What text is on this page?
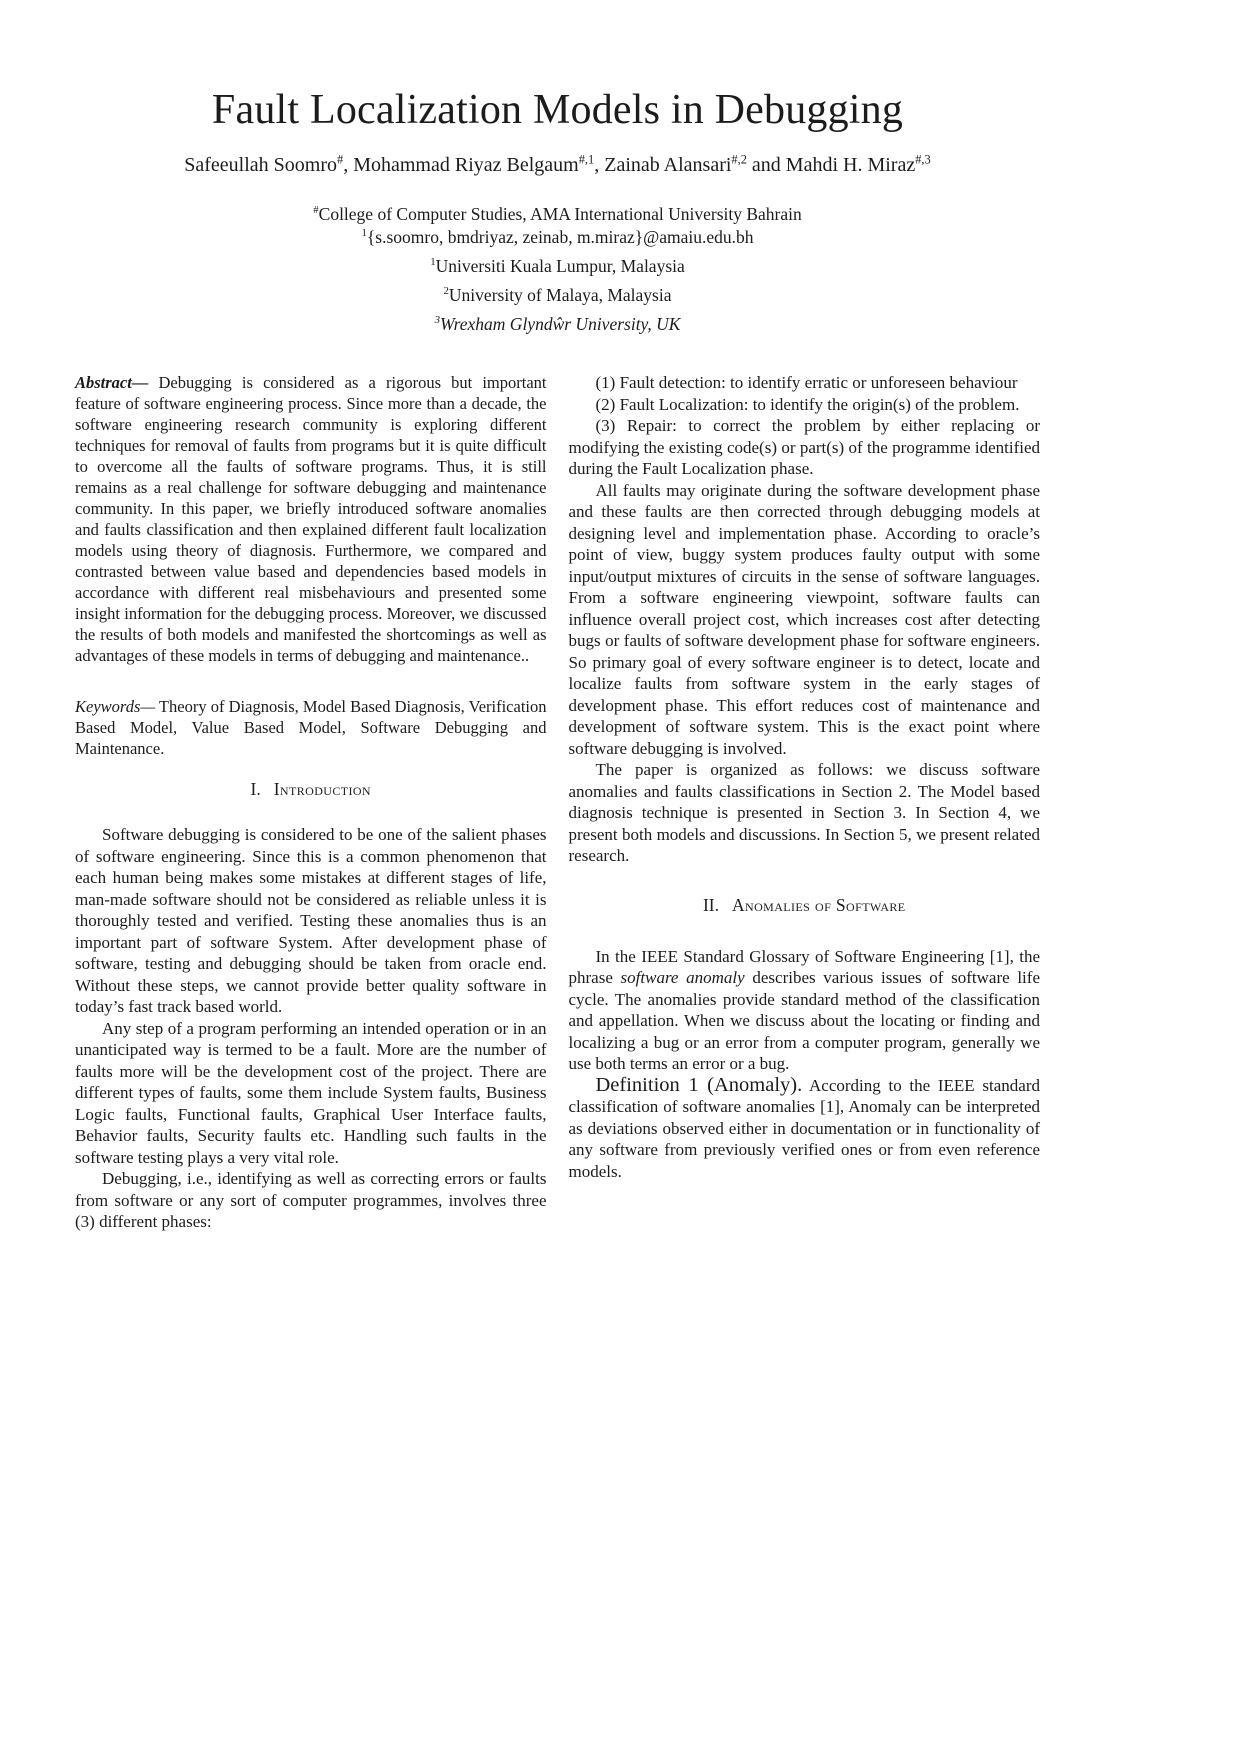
Fault Localization Models in Debugging
Safeeullah Soomro#, Mohammad Riyaz Belgaum$^{\#,1}$, Zainab Alansari$^{\#,2}$ and Mahdi H. Miraz$^{\#,3}$
#College of Computer Studies, AMA International University Bahrain
$^1${s.soomro, bmdriyaz, zeinab, m.miraz}@amaiu.edu.bh
$^1$Universiti Kuala Lumpur, Malaysia
$^2$University of Malaya, Malaysia
$^3$Wrexham Glyndŵr University, UK

Abstract— Debugging is considered as a rigorous but important feature of software engineering process. Since more than a decade, the software engineering research community is exploring different techniques for removal of faults from programs but it is quite difficult to overcome all the faults of software programs. Thus, it is still remains as a real challenge for software debugging and maintenance community. In this paper, we briefly introduced software anomalies and faults classification and then explained different fault localization models using theory of diagnosis. Furthermore, we compared and contrasted between value based and dependencies based models in accordance with different real misbehaviours and presented some insight information for the debugging process. Moreover, we discussed the results of both models and manifested the shortcomings as well as advantages of these models in terms of debugging and maintenance..

Keywords— Theory of Diagnosis, Model Based Diagnosis, Verification Based Model, Value Based Model, Software Debugging and Maintenance.

I. Introduction

Software debugging is considered to be one of the salient phases of software engineering. Since this is a common phenomenon that each human being makes some mistakes at different stages of life, man-made software should not be considered as reliable unless it is thoroughly tested and verified. Testing these anomalies thus is an important part of software System. After development phase of software, testing and debugging should be taken from oracle end. Without these steps, we cannot provide better quality software in today’s fast track based world.

Any step of a program performing an intended operation or in an unanticipated way is termed to be a fault. More are the number of faults more will be the development cost of the project. There are different types of faults, some them include System faults, Business Logic faults, Functional faults, Graphical User Interface faults, Behavior faults, Security faults etc. Handling such faults in the software testing plays a very vital role.

Debugging, i.e., identifying as well as correcting errors or faults from software or any sort of computer programmes, involves three (3) different phases:

(1) Fault detection: to identify erratic or unforeseen behaviour

(2) Fault Localization: to identify the origin(s) of the problem.

(3) Repair: to correct the problem by either replacing or modifying the existing code(s) or part(s) of the programme identified during the Fault Localization phase.

All faults may originate during the software development phase and these faults are then corrected through debugging models at designing level and implementation phase. According to oracle’s point of view, buggy system produces faulty output with some input/output mixtures of circuits in the sense of software languages. From a software engineering viewpoint, software faults can influence overall project cost, which increases cost after detecting bugs or faults of software development phase for software engineers. So primary goal of every software engineer is to detect, locate and localize faults from software system in the early stages of development phase. This effort reduces cost of maintenance and development of software system. This is the exact point where software debugging is involved.

The paper is organized as follows: we discuss software anomalies and faults classifications in Section 2. The Model based diagnosis technique is presented in Section 3. In Section 4, we present both models and discussions. In Section 5, we present related research.

II. Anomalies of Software

In the IEEE Standard Glossary of Software Engineering [1], the phrase software anomaly describes various issues of software life cycle. The anomalies provide standard method of the classification and appellation. When we discuss about the locating or finding and localizing a bug or an error from a computer program, generally we use both terms an error or a bug.

Definition 1 (Anomaly). According to the IEEE standard classification of software anomalies [1], Anomaly can be interpreted as deviations observed either in documentation or in functionality of any software from previously verified ones or from even reference models.
